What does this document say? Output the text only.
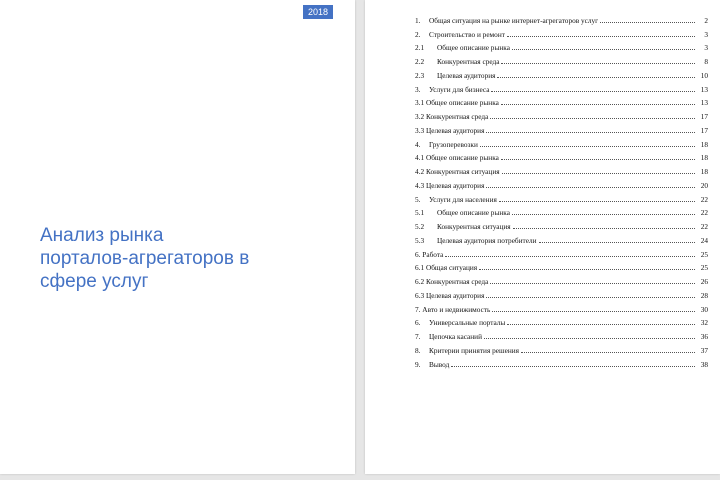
2018
Анализ рынка
порталов-агрегаторов в
сфере услуг
1.	Общая ситуация на рынке интернет-агрегаторов услуг	2
2.	Строительство и ремонт	3
2.1	Общее описание рынка	3
2.2	Конкурентная среда	8
2.3	Целевая аудитория	10
3.	Услуги для бизнеса	13
3.1 Общее описание рынка	13
3.2 Конкурентная среда	17
3.3 Целевая аудитория	17
4.	Грузоперевозки	18
4.1 Общее описание рынка	18
4.2 Конкурентная ситуация	18
4.3 Целевая аудитория	20
5.	Услуги для населения	22
5.1	Общее описание рынка	22
5.2	Конкурентная ситуация	22
5.3	Целевая аудитория потребители	24
6. Работа	25
6.1 Общая ситуация	25
6.2 Конкурентная среда	26
6.3 Целевая аудитория	28
7. Авто и недвижимость	30
6.	Универсальные порталы	32
7.	Цепочка касаний	36
8.	Критерии принятия решения	37
9.	Вывод	38
